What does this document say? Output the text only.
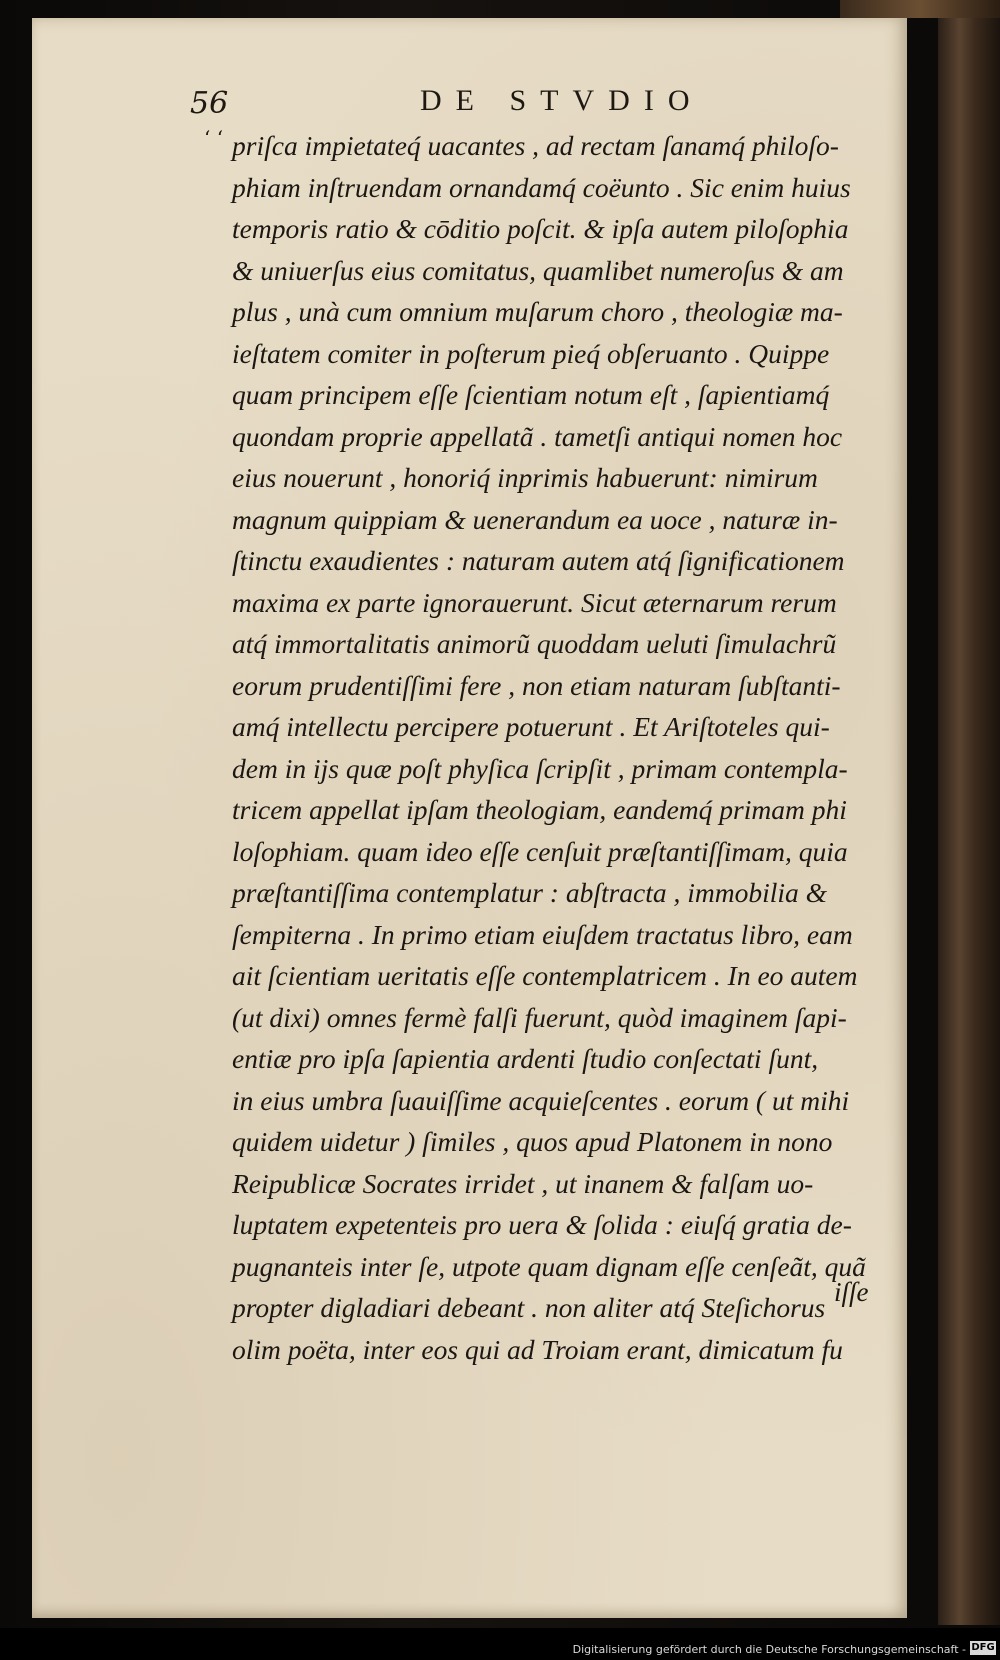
56
‘ ‘
DE STVDIO
priſca impietateq́ uacantes , ad rectam ſanamq́ philoſo-
phiam inſtruendam ornandamq́ coëunto . Sic enim huius
temporis ratio & cōditio poſcit. & ipſa autem piloſophia
& uniuerſus eius comitatus, quamlibet numeroſus & am
plus , unà cum omnium muſarum choro , theologiæ ma-
ieſtatem comiter in poſterum pieq́ obſeruanto . Quippe
quam principem eſſe ſcientiam notum eſt , ſapientiamq́
quondam proprie appellatã . tametſi antiqui nomen hoc
eius nouerunt , honoriq́ inprimis habuerunt: nimirum
magnum quippiam & uenerandum ea uoce , naturæ in-
ſtinctu exaudientes : naturam autem atq́ ſignificationem
maxima ex parte ignorauerunt. Sicut æternarum rerum
atq́ immortalitatis animorũ quoddam ueluti ſimulachrũ
eorum prudentiſſimi fere , non etiam naturam ſubſtanti-
amq́ intellectu percipere potuerunt . Et Ariſtoteles qui-
dem in ijs quæ poſt phyſica ſcripſit , primam contempla-
tricem appellat ipſam theologiam, eandemq́ primam phi
loſophiam. quam ideo eſſe cenſuit præſtantiſſimam, quia
præſtantiſſima contemplatur : abſtracta , immobilia &
ſempiterna . In primo etiam eiuſdem tractatus libro, eam
ait ſcientiam ueritatis eſſe contemplatricem . In eo autem
(ut dixi) omnes fermè falſi fuerunt, quòd imaginem ſapi-
entiæ pro ipſa ſapientia ardenti ſtudio conſectati ſunt,
in eius umbra ſuauiſſime acquieſcentes . eorum ( ut mihi
quidem uidetur ) ſimiles , quos apud Platonem in nono
Reipublicæ Socrates irridet , ut inanem & falſam uo-
luptatem expetenteis pro uera & ſolida : eiuſq́ gratia de-
pugnanteis inter ſe, utpote quam dignam eſſe cenſeãt, quã
propter digladiari debeant . non aliter atq́ Steſichorus
olim poëta, inter eos qui ad Troiam erant, dimicatum fu
iſſe
Digitalisierung gefördert durch die Deutsche Forschungsgemeinschaft - DFG
